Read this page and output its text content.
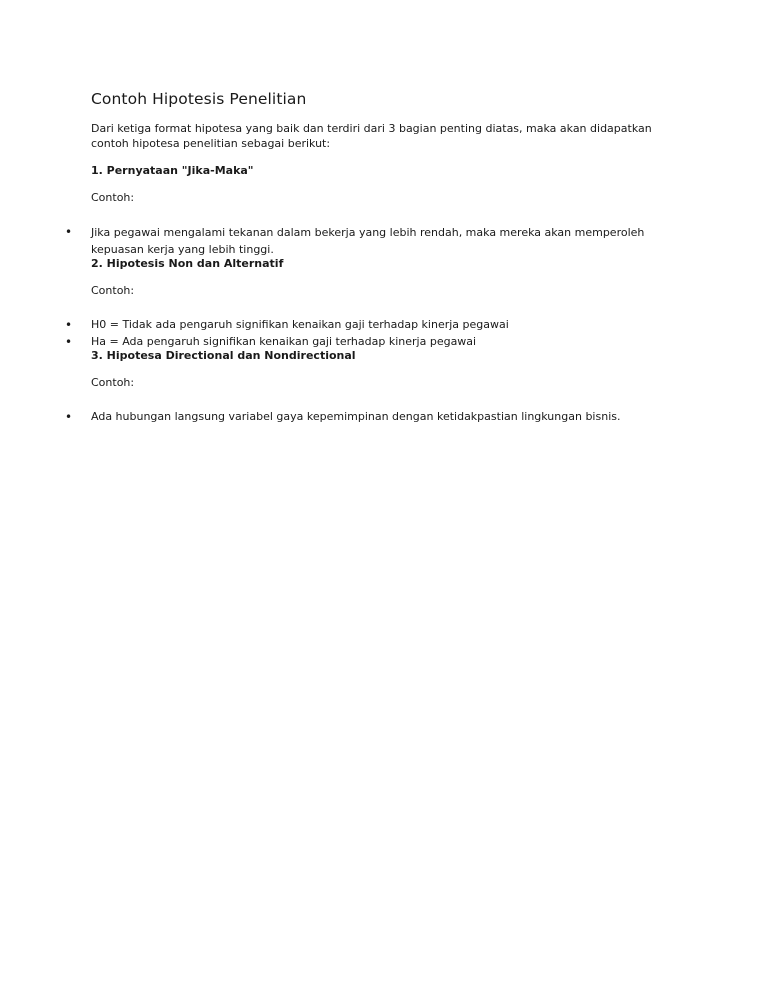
Contoh Hipotesis Penelitian
Dari ketiga format hipotesa yang baik dan terdiri dari 3 bagian penting diatas, maka akan didapatkan
contoh hipotesa penelitian sebagai berikut:
1. Pernyataan "Jika-Maka"
Contoh:
• Jika pegawai mengalami tekanan dalam bekerja yang lebih rendah, maka mereka akan memperoleh
kepuasan kerja yang lebih tinggi.
2. Hipotesis Non dan Alternatif
Contoh:
• H0 = Tidak ada pengaruh signifikan kenaikan gaji terhadap kinerja pegawai
• Ha = Ada pengaruh signifikan kenaikan gaji terhadap kinerja pegawai
3. Hipotesa Directional dan Nondirectional
Contoh:
• Ada hubungan langsung variabel gaya kepemimpinan dengan ketidakpastian lingkungan bisnis.
